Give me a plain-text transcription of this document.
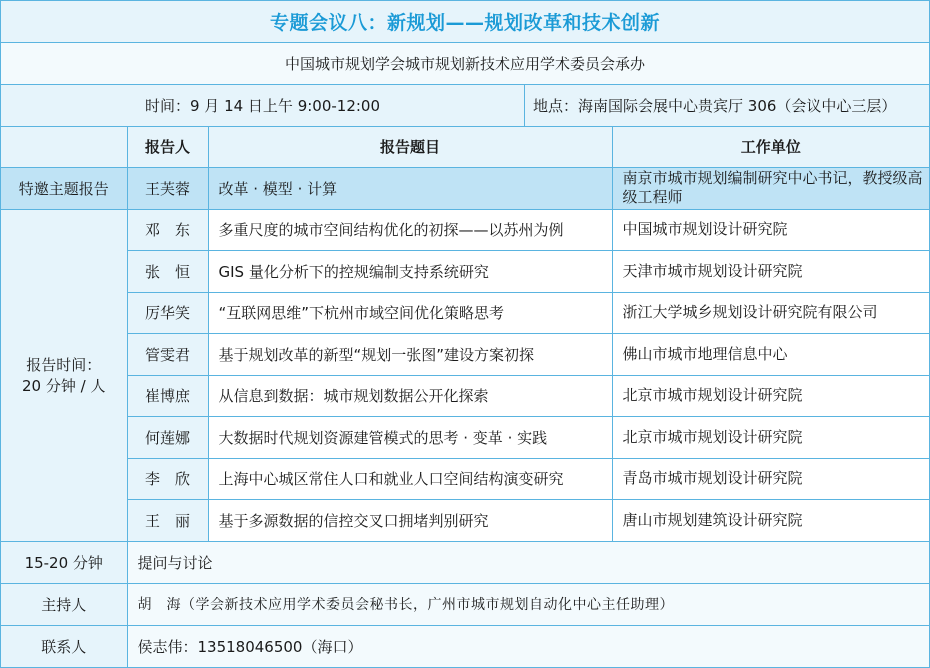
专题会议八：新规划——规划改革和技术创新
中国城市规划学会城市规划新技术应用学术委员会承办
时间：9 月 14 日上午 9:00-12:00	地点：海南国际会展中心贵宾厅 306（会议中心三层）
	报告人	报告题目	工作单位
特邀主题报告	王芙蓉	改革 · 模型 · 计算	南京市城市规划编制研究中心书记，教授级高级工程师
报告时间：
20 分钟 / 人	邓　东	多重尺度的城市空间结构优化的初探——以苏州为例	中国城市规划设计研究院
	张　恒	GIS 量化分析下的控规编制支持系统研究	天津市城市规划设计研究院
	厉华笑	“互联网思维”下杭州市域空间优化策略思考	浙江大学城乡规划设计研究院有限公司
	管雯君	基于规划改革的新型“规划一张图”建设方案初探	佛山市城市地理信息中心
	崔博庶	从信息到数据：城市规划数据公开化探索	北京市城市规划设计研究院
	何莲娜	大数据时代规划资源建管模式的思考 · 变革 · 实践	北京市城市规划设计研究院
	李　欣	上海中心城区常住人口和就业人口空间结构演变研究	青岛市城市规划设计研究院
	王　丽	基于多源数据的信控交叉口拥堵判别研究	唐山市规划建筑设计研究院
15-20 分钟	提问与讨论		
主持人	胡　海（学会新技术应用学术委员会秘书长，广州市城市规划自动化中心主任助理）		
联系人	侯志伟：13518046500（海口）		
